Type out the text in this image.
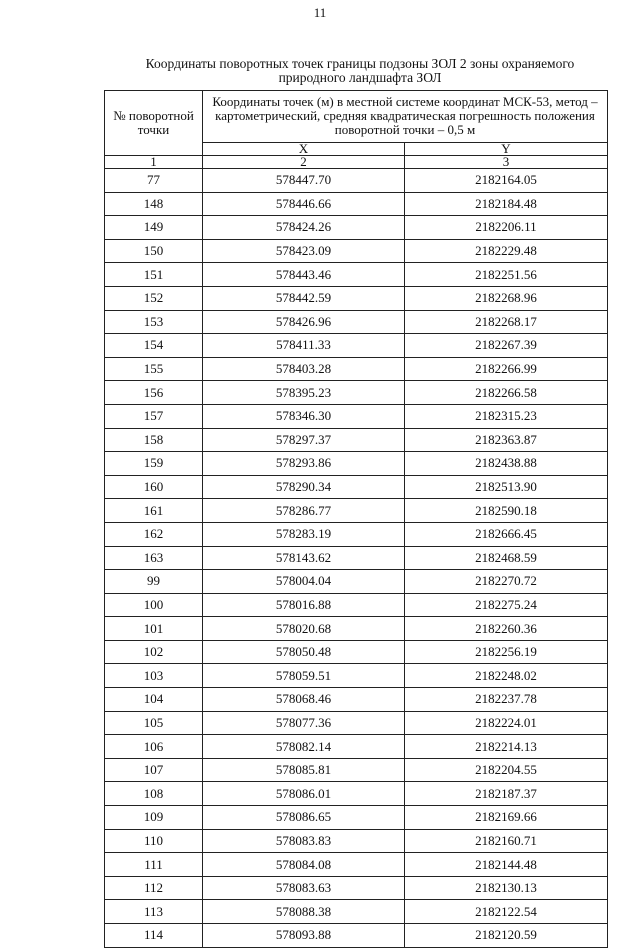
11
Координаты поворотных точек границы подзоны ЗОЛ 2 зоны охраняемого
природного ландшафта ЗОЛ
№ поворотной точки	Координаты точек (м) в местной системе координат МСК-53, метод – картометрический, средняя квадратическая погрешность положения поворотной точки – 0,5 м	
	X	Y
1	2	3
77	578447.70	2182164.05
148	578446.66	2182184.48
149	578424.26	2182206.11
150	578423.09	2182229.48
151	578443.46	2182251.56
152	578442.59	2182268.96
153	578426.96	2182268.17
154	578411.33	2182267.39
155	578403.28	2182266.99
156	578395.23	2182266.58
157	578346.30	2182315.23
158	578297.37	2182363.87
159	578293.86	2182438.88
160	578290.34	2182513.90
161	578286.77	2182590.18
162	578283.19	2182666.45
163	578143.62	2182468.59
99	578004.04	2182270.72
100	578016.88	2182275.24
101	578020.68	2182260.36
102	578050.48	2182256.19
103	578059.51	2182248.02
104	578068.46	2182237.78
105	578077.36	2182224.01
106	578082.14	2182214.13
107	578085.81	2182204.55
108	578086.01	2182187.37
109	578086.65	2182169.66
110	578083.83	2182160.71
111	578084.08	2182144.48
112	578083.63	2182130.13
113	578088.38	2182122.54
114	578093.88	2182120.59
